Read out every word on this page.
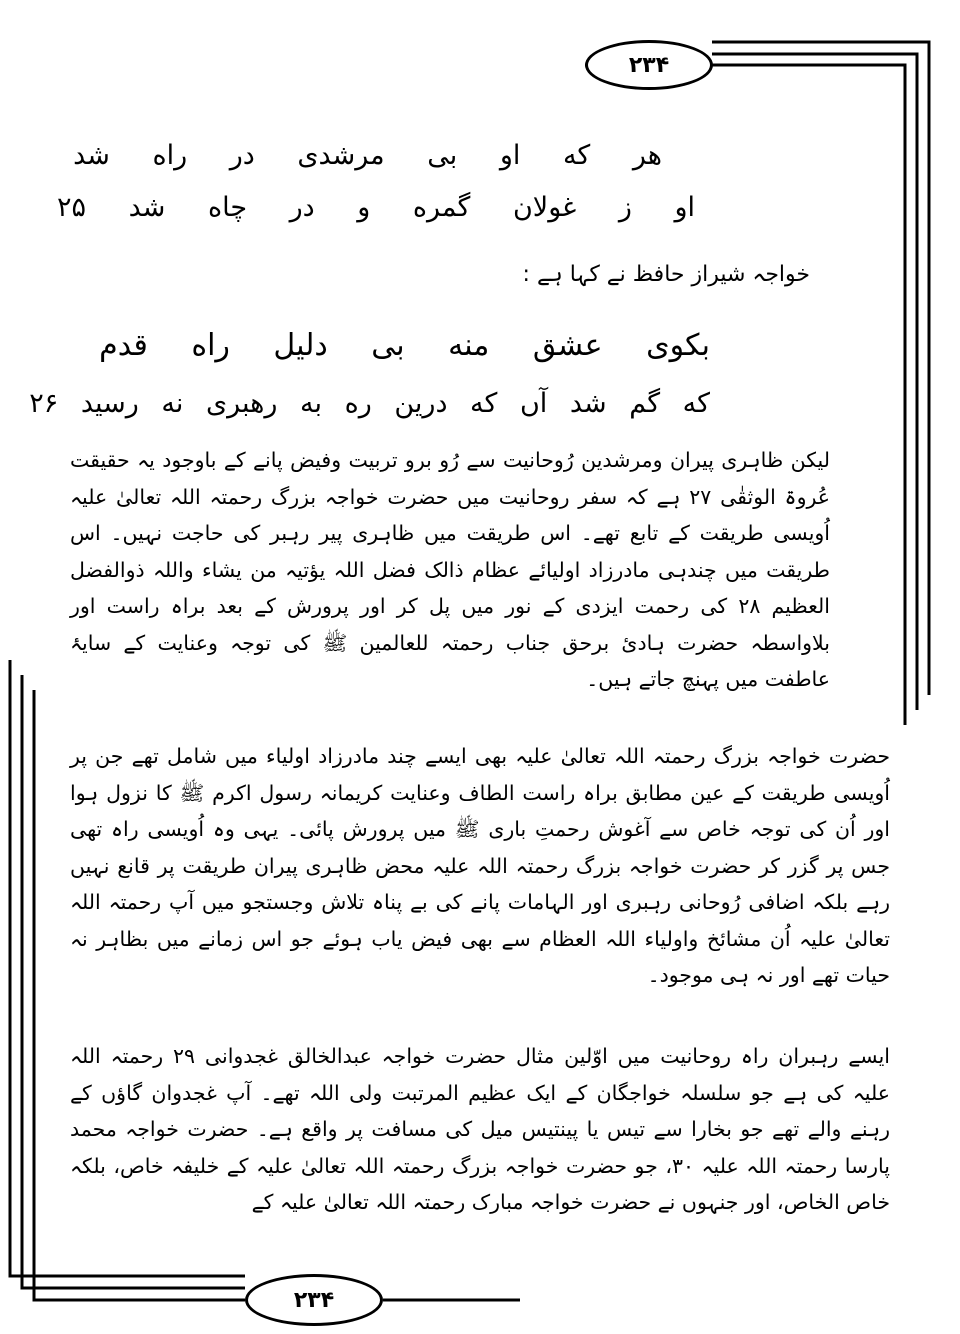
۲۳۴
هر که او بی مرشدی در راه شد
او ز غولان گمره و در چاه شد ۲۵
خواجہ شیراز حافظ نے کہا ہے :
بکوی عشق منه بی دلیل راه قدم
که گم شد آں که درین ره به رهبری نه رسید ۲۶
لیکن ظاہری پیران ومرشدین رُوحانیت سے رُو برو تربیت وفیض پانے کے باوجود یہ حقیقت عُروۃ الوثقٰی ۲۷ ہے کہ سفر روحانیت میں حضرت خواجہ بزرگ رحمتہ اللہ تعالیٰ علیہ اُویسی طریقت کے تابع تھے۔ اس طریقت میں ظاہری پیر رہبر کی حاجت نہیں۔ اس طریقت میں چندہی مادرزاد اولیائے عظام ذالک فضل اللہ یؤتیہ من یشاء واللہ ذوالفضل العظیم ۲۸ کی رحمت ایزدی کے نور میں پل کر اور پرورش کے بعد براہ راست اور بلاواسطہ حضرت ہادیٔ برحق جناب رحمتہ للعالمین ﷺ کی توجہ وعنایت کے سایۂ عاطفت میں پہنچ جاتے ہیں۔
حضرت خواجہ بزرگ رحمتہ اللہ تعالیٰ علیہ بھی ایسے چند مادرزاد اولیاء میں شامل تھے جن پر اُویسی طریقت کے عین مطابق براہ راست الطاف وعنایت کریمانہ رسول اکرم ﷺ کا نزول ہوا اور اُن کی توجہ خاص سے آغوش رحمتِ باری ﷺ میں پرورش پائی۔ یہی وہ اُویسی راہ تھی جس پر گزر کر حضرت خواجہ بزرگ رحمتہ اللہ علیہ محض ظاہری پیران طریقت پر قانع نہیں رہے بلکہ اضافی رُوحانی رہبری اور الہامات پانے کی بے پناہ تلاش وجستجو میں آپ رحمتہ اللہ تعالیٰ علیہ اُن مشائخ واولیاء اللہ العظام سے بھی فیض یاب ہوئے جو اس زمانے میں بظاہر نہ حیات تھے اور نہ ہی موجود۔
ایسے رہبران راہ روحانیت میں اوّلین مثال حضرت خواجہ عبدالخالق غجدوانی ۲۹ رحمتہ اللہ علیہ کی ہے جو سلسلہ خواجگان کے ایک عظیم المرتبت ولی اللہ تھے۔ آپ غجدوان گاؤں کے رہنے والے تھے جو بخارا سے تیس یا پینتیس میل کی مسافت پر واقع ہے۔ حضرت خواجہ محمد پارسا رحمتہ اللہ علیہ ۳۰، جو حضرت خواجہ بزرگ رحمتہ اللہ تعالیٰ علیہ کے خلیفہ خاص، بلکہ خاص الخاص، اور جنہوں نے حضرت خواجہ مبارک رحمتہ اللہ تعالیٰ علیہ کے
۲۳۴
